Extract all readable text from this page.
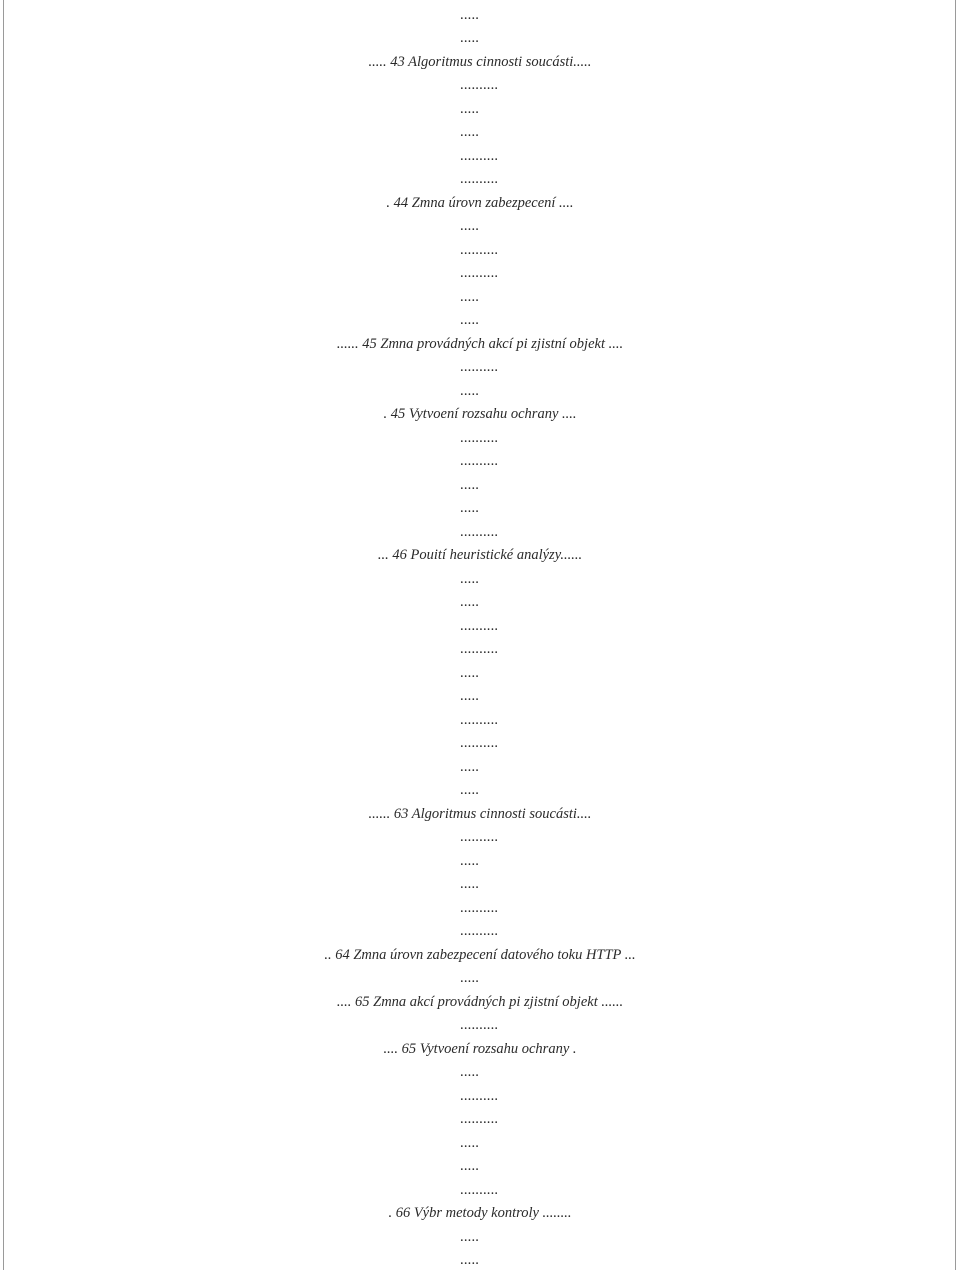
.....
.....
..... 43 Algoritmus cinnosti soucásti.....
..........
.....
.....
..........
..........
. 44 Zmna úrovn zabezpecení ....
.....
..........
..........
.....
.....
...... 45 Zmna provádných akcí pi zjistní objekt ....
..........
.....
. 45 Vytvoení rozsahu ochrany ....
..........
..........
.....
.....
..........
... 46 Pouití heuristické analýzy......
.....
.....
..........
..........
.....
.....
..........
..........
.....
.....
...... 63 Algoritmus cinnosti soucásti....
..........
.....
.....
..........
..........
.. 64 Zmna úrovn zabezpecení datového toku HTTP ...
.....
.... 65 Zmna akcí provádných pi zjistní objekt ......
..........
.... 65 Vytvoení rozsahu ochrany .
.....
..........
..........
.....
.....
..........
. 66 Výbr metody kontroly ........
.....
.....
